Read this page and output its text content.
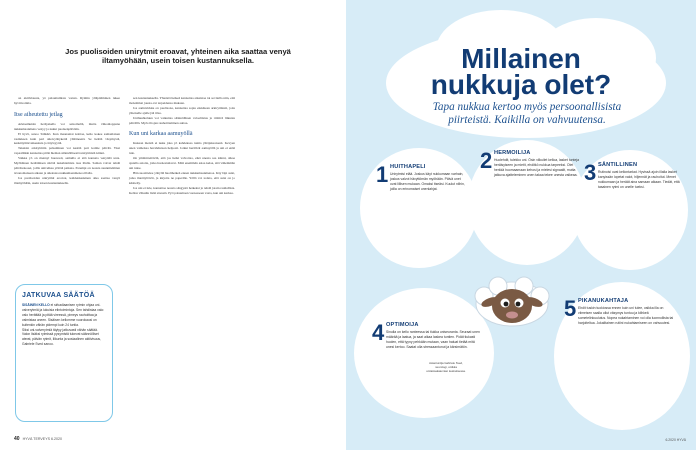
Jos puolisoiden unirytmit eroavat, yhteinen aika saattaa venyä iltamyöhään, usein toisen kustannuksella.

on aktiivisuuta, yö palauttumista varten. Rytmin ylläpitäminen tukee hyvinvointia.

Itse aiheutettu jetlag

Arkiaamuisin heräyskello voi seisomaltä, mutta viikonloppuna nukkumaanmeno venyy ja nukut puoleenpäivään.

El hyvä, sanoo Sääkäri. Kun maanantai koittaa, keho kokee samanlaisen rasituksen kuin pari aikavyöhykettä ylittäneenä. Se heitää väsymystä, keskittymisvaikeuksia ja ärtyisyyttä.

Takaisin arkirytmiin palaaminen voi kestää pari kolme päivää. Yksi vapaalläkin kannattaa pitää hieman säännöllisestä unirytmistä kiinni.

Vaikka yö on mennyt huonosti, aamulla ei sitä kannata venyttää unta. Myöhäinen heräämisen siirtää nukahtamista taas illalla. Saman voivat tehdä päivänokoset, joilla univelkaa yrittää paikata. Parempi on nousta suunnitelmien tavanomaiseen aikaan ja aikaistaa nukkumaanmenoa illalla.

Jos puolisoiden unirytmit eroavat, kahdenkeskinen aika saattaa venyä iltamyöhään, usein toisen kustannuksella.

sen kustannuksella. Yhteistä hetkeä kannattaa aikaistaa tai sovitella niin, että molemmat jousta-vat tarpeidensa mukaan.

Jos aamuvirkku on puolisona, kannattaa sopia etukäteen arkirytmistä, jotta yhteiselle ajalle jää tilaa.

Unihuuhteluun voi vaikuttaa säännöllinen valoaltistus ja riittävä liikunta päivällä. Myös iltojen rauhoittaminen auttaa.

Kun uni karkaa aamuyöllä

Kukaan meistä ei nuku joka yö kahdeksaa tuntia yhtäjaksoisesti. Kevyen unen vaiheissa havahdutaan helposti. Jotkut heräävät aamuyöllä ja uni ei enää tule.

On ymmärrettävää, että jos hetki valvottaa, eikä unesta saa kiinni, alkaa ajatella asioita, jotka huolestuttavat. Mitä enemmän asiaa kelaa, sitä vähemmän uni tulee.

Hän suosittelee yöhyllä huolihetkeä ennen nukkumaanmenoa. Käy läpi asiat, jotka mietityttävät, ja kirjoita ne paperille. Yöllä voi todeta, että asiat on jo käsitelty.

Jos uni ei tule, kannattaa nousta sängystä hetkeksi ja tehdä jotain rauhallista. Kellon vilkuilu lisää stressiä. Pyri palaamaan vuoteeseen vasta, kun uni karkaa.

JATKUVAA SÄÄTÖÄ

SISÄINEN KELLO ei sirkadiaanisen rytmin ohjaa uni-valverytmiä ja lukuisia elintoimintoja. Sen tahdistaa valo: valo herättää ja pitää vireessä, pimeys rauhoittaa ja valmistaa uneen. Sisäisen kellomme vuorokausi on kuitenkin vähän pidempi kuin 24 tuntia.

Siksi uni-valverytmiä täytyy jatkuvasti vähän säätää. Valon lisäksi rytmissä pysymistä tukevat säännölliset aterat, päivän rytmit, liikunta ja sosiaalinen aktiivisuus, Gabriele Sved sanoo.

40 HYVÄ TERVEYS 6.2020
Millainen
nukkuja olet?
Tapa nukkua kertoo myös persoonallisista piirteistä. Kaikilla on vahvuutensa.
1 HUITHAPELI

Unirytmisi elää. Joskus käyt nukkumaan varhain, joskus valvot hävyttömän myöhään. Päivä unet ovat lillisen mukaan. Omaksi itseäsi. Kuulut niihin, joilla on erinomaiset unenlahjat.

2 HERMOILIJA

Huolehdit, tulekko uni. Ösin vilkuilet kelloa, lasket tunteja heräisyiseen ja mietit, ehditkö nukkua tarpeeksi. Olet herkkä huomaamaan kehosi ja mielesi signaalit, mutta jatkuva ajatteleminen unen takaa tekee unesta vaikeaa. 3 SÄNTILLINEN

Rutinoisi ovat kellontarkat. Hyvissä ajoin illalla lasket kanyissän lopetat valot, hiljennät ja rauhoitut. Menet nukkumaan ja heräät aina samaan aikaan. Tiedät, että tasainen rytmi on unelle tueksi.

4 OPTIMOIJA

Sinulla on kello ranteessa tai tiukka uniseuranta. Seuraat unen määrää ja laatua, ja saat aikaa laskea tuntien. Pidät tiukasti huolen, että tyyny pehkään mutaan, vaan haluat tietää mitä unesi kertoo. Saatat olla stressaantunut ja kärsimätön.

5 PIKANUKAHTAJA

Ehdit tuskin tuokiossa ennen kuin uni tulee, vaikka illa on viimeisen saalla ollut väsymys tuntuu ja kiihkeä sometelinkuulutus. Nopea nukahtaminen voi olla luonnollista tai harjoiteltua. Jokailtainen rutiini nukahtamiseen on vahvuutesi.

Asiantuntija Gabriele Sved, neurologi, uniikka unitaitoakatemian keskuksessa.
6.2020 HYVÄ
